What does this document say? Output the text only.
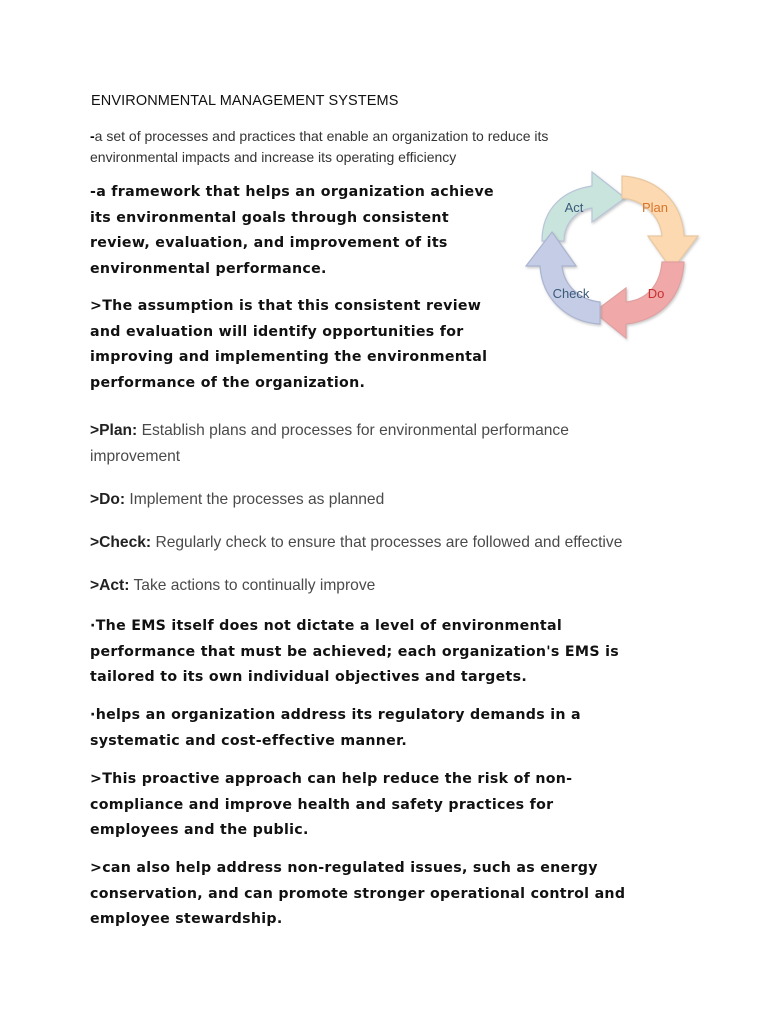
ENVIRONMENTAL MANAGEMENT SYSTEMS
-a set of processes and practices that enable an organization to reduce its
environmental impacts and increase its operating efficiency
-a framework that helps an organization achieve
its environmental goals through consistent
review, evaluation, and improvement of its
environmental performance.
>The assumption is that this consistent review
and evaluation will identify opportunities for
improving and implementing the environmental
performance of the organization.
Act	Plan
Do
Check
>Plan: Establish plans and processes for environmental performance
improvement
>Do: Implement the processes as planned
>Check: Regularly check to ensure that processes are followed and effective
>Act: Take actions to continually improve
·The EMS itself does not dictate a level of environmental
performance that must be achieved; each organization's EMS is
tailored to its own individual objectives and targets.
·helps an organization address its regulatory demands in a
systematic and cost-effective manner.
>This proactive approach can help reduce the risk of non-
compliance and improve health and safety practices for
employees and the public.
>can also help address non-regulated issues, such as energy
conservation, and can promote stronger operational control and
employee stewardship.
